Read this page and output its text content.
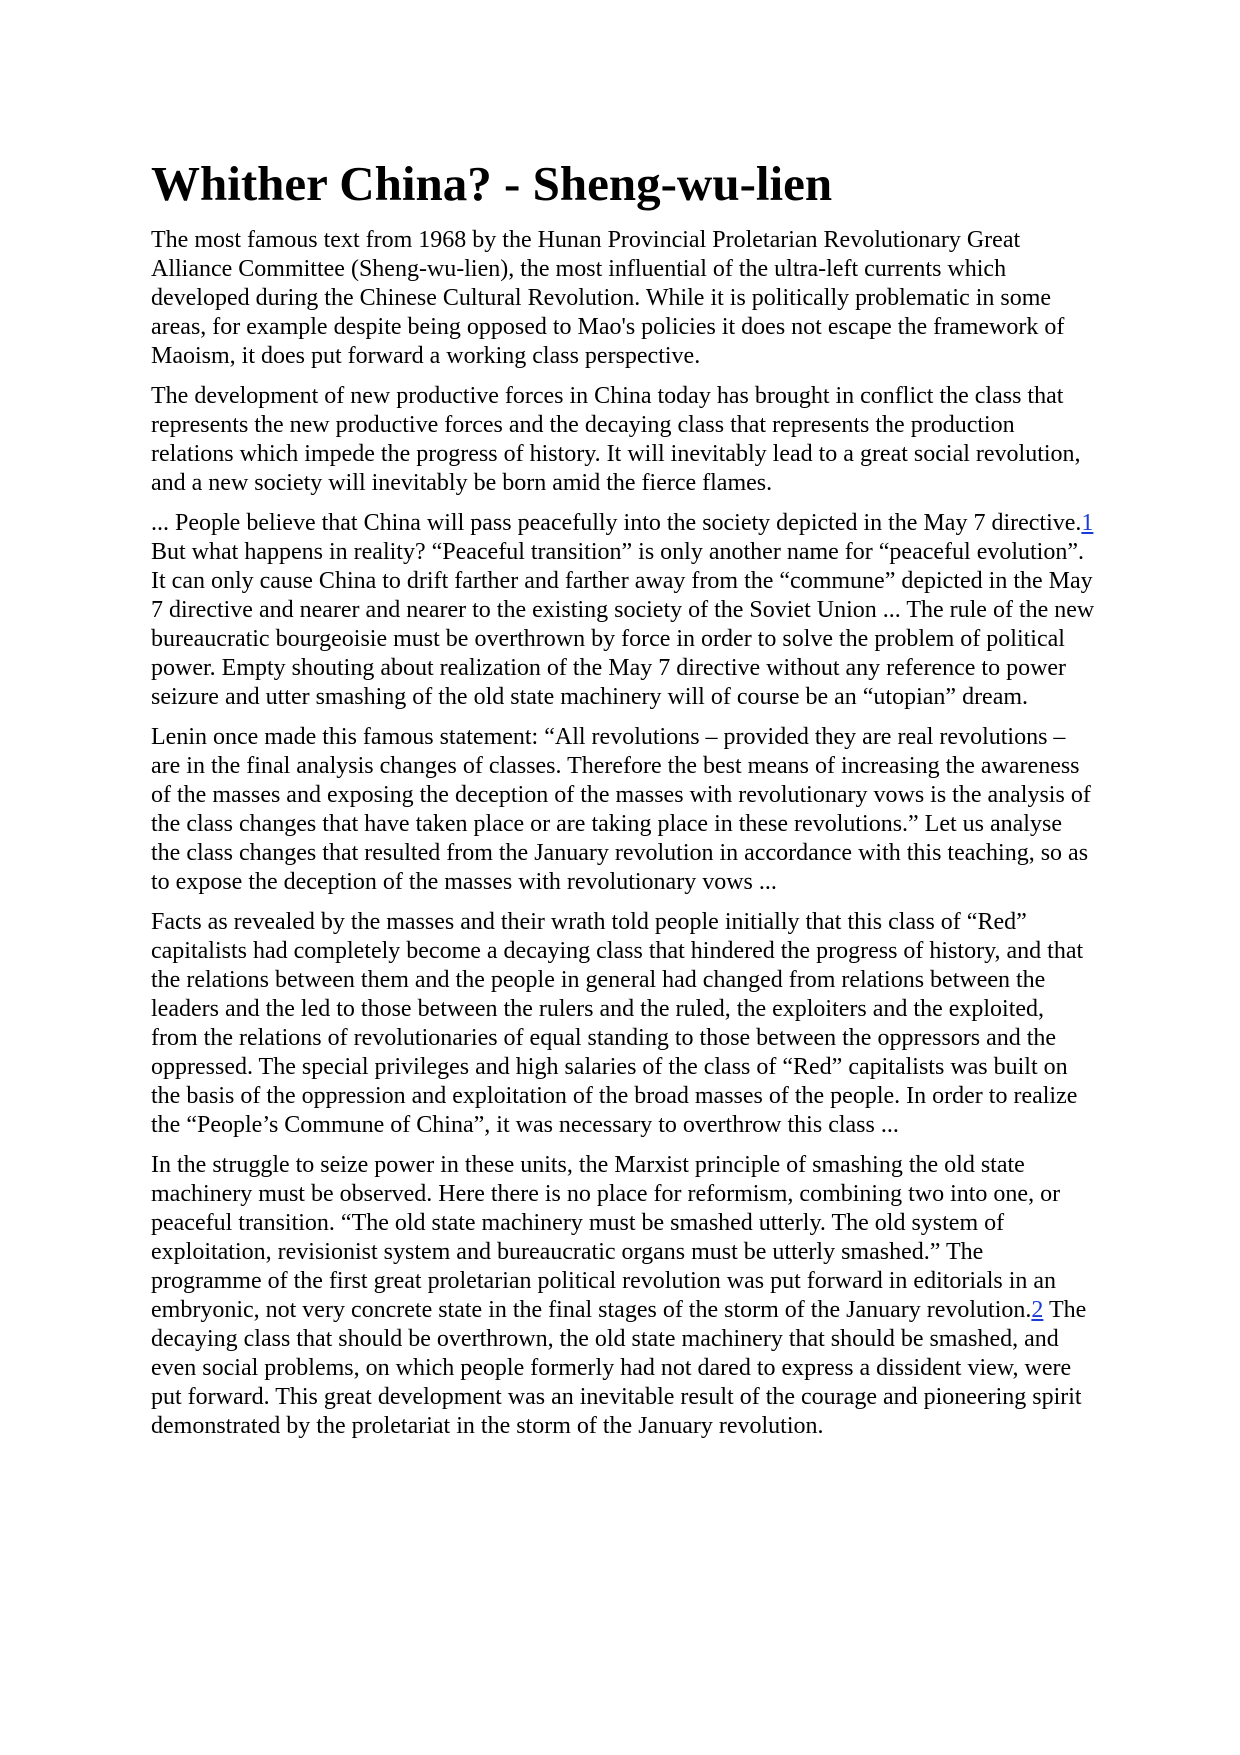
Whither China? - Sheng-wu-lien

The most famous text from 1968 by the Hunan Provincial Proletarian Revolutionary Great Alliance Committee (Sheng-wu-lien), the most influential of the ultra-left currents which developed during the Chinese Cultural Revolution. While it is politically problematic in some areas, for example despite being opposed to Mao's policies it does not escape the framework of Maoism, it does put forward a working class perspective.

The development of new productive forces in China today has brought in conflict the class that represents the new productive forces and the decaying class that represents the production relations which impede the progress of history. It will inevitably lead to a great social revolution, and a new society will inevitably be born amid the fierce flames.

... People believe that China will pass peacefully into the society depicted in the May 7 directive.1 But what happens in reality? “Peaceful transition” is only another name for “peaceful evolution”. It can only cause China to drift farther and farther away from the “commune” depicted in the May 7 directive and nearer and nearer to the existing society of the Soviet Union ... The rule of the new bureaucratic bourgeoisie must be overthrown by force in order to solve the problem of political power. Empty shouting about realization of the May 7 directive without any reference to power seizure and utter smashing of the old state machinery will of course be an “utopian” dream.

Lenin once made this famous statement: “All revolutions – provided they are real revolutions – are in the final analysis changes of classes. Therefore the best means of increasing the awareness of the masses and exposing the deception of the masses with revolutionary vows is the analysis of the class changes that have taken place or are taking place in these revolutions.” Let us analyse the class changes that resulted from the January revolution in accordance with this teaching, so as to expose the deception of the masses with revolutionary vows ...

Facts as revealed by the masses and their wrath told people initially that this class of “Red” capitalists had completely become a decaying class that hindered the progress of history, and that the relations between them and the people in general had changed from relations between the leaders and the led to those between the rulers and the ruled, the exploiters and the exploited, from the relations of revolutionaries of equal standing to those between the oppressors and the oppressed. The special privileges and high salaries of the class of “Red” capitalists was built on the basis of the oppression and exploitation of the broad masses of the people. In order to realize the “People’s Commune of China”, it was necessary to overthrow this class ...

In the struggle to seize power in these units, the Marxist principle of smashing the old state machinery must be observed. Here there is no place for reformism, combining two into one, or peaceful transition. “The old state machinery must be smashed utterly. The old system of exploitation, revisionist system and bureaucratic organs must be utterly smashed.” The programme of the first great proletarian political revolution was put forward in editorials in an embryonic, not very concrete state in the final stages of the storm of the January revolution.2 The decaying class that should be overthrown, the old state machinery that should be smashed, and even social problems, on which people formerly had not dared to express a dissident view, were put forward. This great development was an inevitable result of the courage and pioneering spirit demonstrated by the proletariat in the storm of the January revolution.
